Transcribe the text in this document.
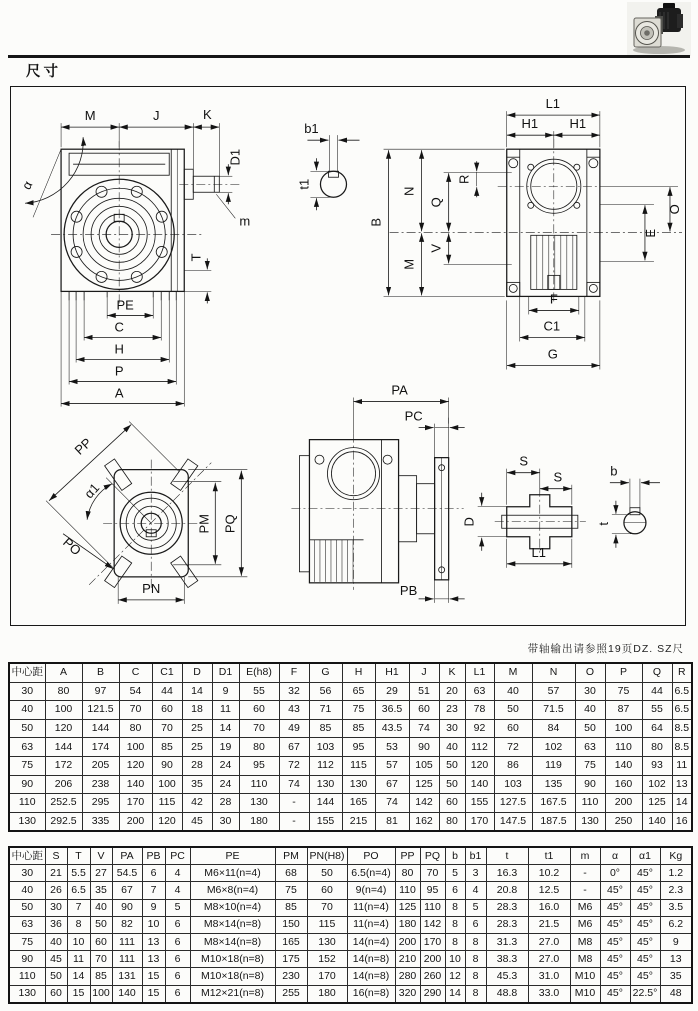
尺寸
M	J	K
D1
m
α
T
PE
C
H
P
A
b1
t1
L1
H1 H1
B
N
M
Q
V
R
O
E
F
C1
G
PP
α1
PO
PM PQ
PN
PA
PC
PB
S
S
D
L1
b
t
带轴输出请参照19页DZ. SZ尺
中心距	A	B	C	C1	D	D1	E(h8)	F	G	H	H1	J	K	L1	M	N	O	P	Q	R
30	80	97	54	44	14	9	55	32	56	65	29	51	20	63	40	57	30	75	44	6.5
40	100	121.5	70	60	18	11	60	43	71	75	36.5	60	23	78	50	71.5	40	87	55	6.5
50	120	144	80	70	25	14	70	49	85	85	43.5	74	30	92	60	84	50	100	64	8.5
63	144	174	100	85	25	19	80	67	103	95	53	90	40	112	72	102	63	110	80	8.5
75	172	205	120	90	28	24	95	72	112	115	57	105	50	120	86	119	75	140	93	11
90	206	238	140	100	35	24	110	74	130	130	67	125	50	140	103	135	90	160	102	13
110	252.5	295	170	115	42	28	130	-	144	165	74	142	60	155	127.5	167.5	110	200	125	14
130	292.5	335	200	120	45	30	180	-	155	215	81	162	80	170	147.5	187.5	130	250	140	16
中心距	S	T	V	PA	PB	PC	PE	PM	PN(H8)	PO	PP	PQ	b	b1	t	t1	m	α	α1	Kg
30	21	5.5	27	54.5	6	4	M6×11(n=4)	68	50	6.5(n=4)	80	70	5	3	16.3	10.2	-	0°	45°	1.2
40	26	6.5	35	67	7	4	M6×8(n=4)	75	60	9(n=4)	110	95	6	4	20.8	12.5	-	45°	45°	2.3
50	30	7	40	90	9	5	M8×10(n=4)	85	70	11(n=4)	125	110	8	5	28.3	16.0	M6	45°	45°	3.5
63	36	8	50	82	10	6	M8×14(n=8)	150	115	11(n=4)	180	142	8	6	28.3	21.5	M6	45°	45°	6.2
75	40	10	60	111	13	6	M8×14(n=8)	165	130	14(n=4)	200	170	8	8	31.3	27.0	M8	45°	45°	9
90	45	11	70	111	13	6	M10×18(n=8)	175	152	14(n=8)	210	200	10	8	38.3	27.0	M8	45°	45°	13
110	50	14	85	131	15	6	M10×18(n=8)	230	170	14(n=8)	280	260	12	8	45.3	31.0	M10	45°	45°	35
130	60	15	100	140	15	6	M12×21(n=8)	255	180	16(n=8)	320	290	14	8	48.8	33.0	M10	45°	22.5°	48
